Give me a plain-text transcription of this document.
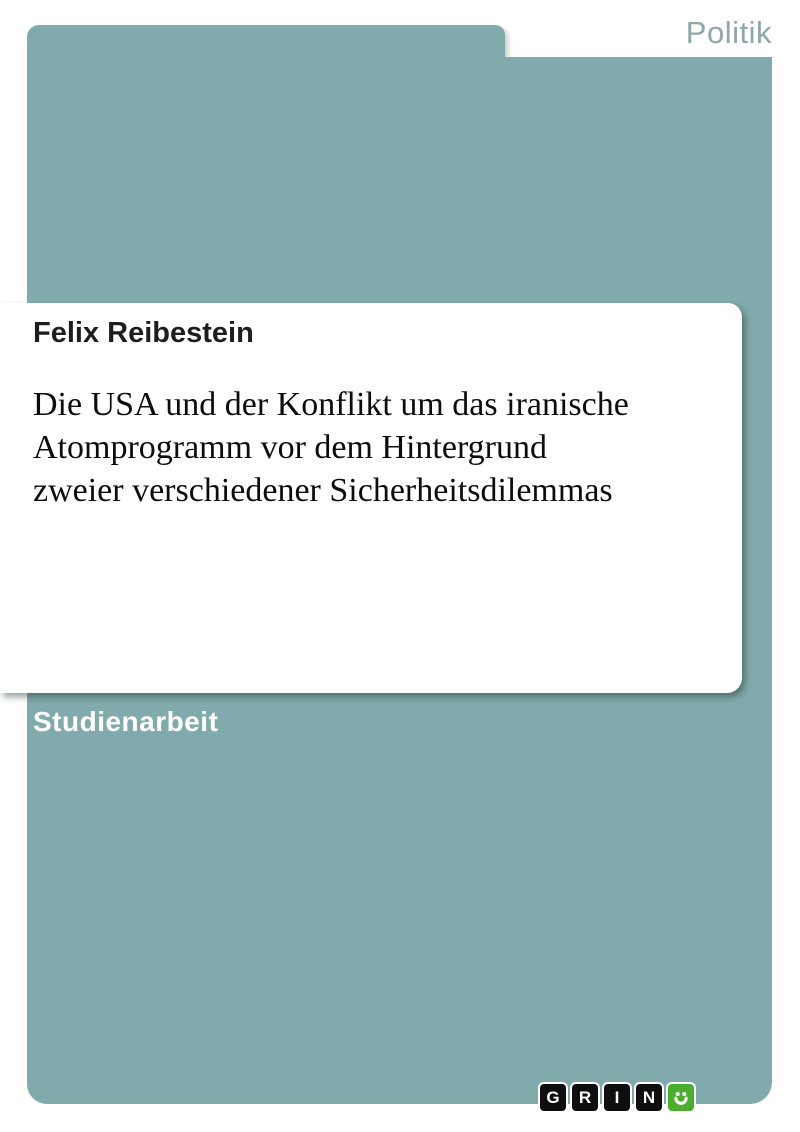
Politik
Felix Reibestein
Die USA und der Konflikt um das iranische
Atomprogramm vor dem Hintergrund
zweier verschiedener Sicherheitsdilemmas
Studienarbeit
G	R	I	N
